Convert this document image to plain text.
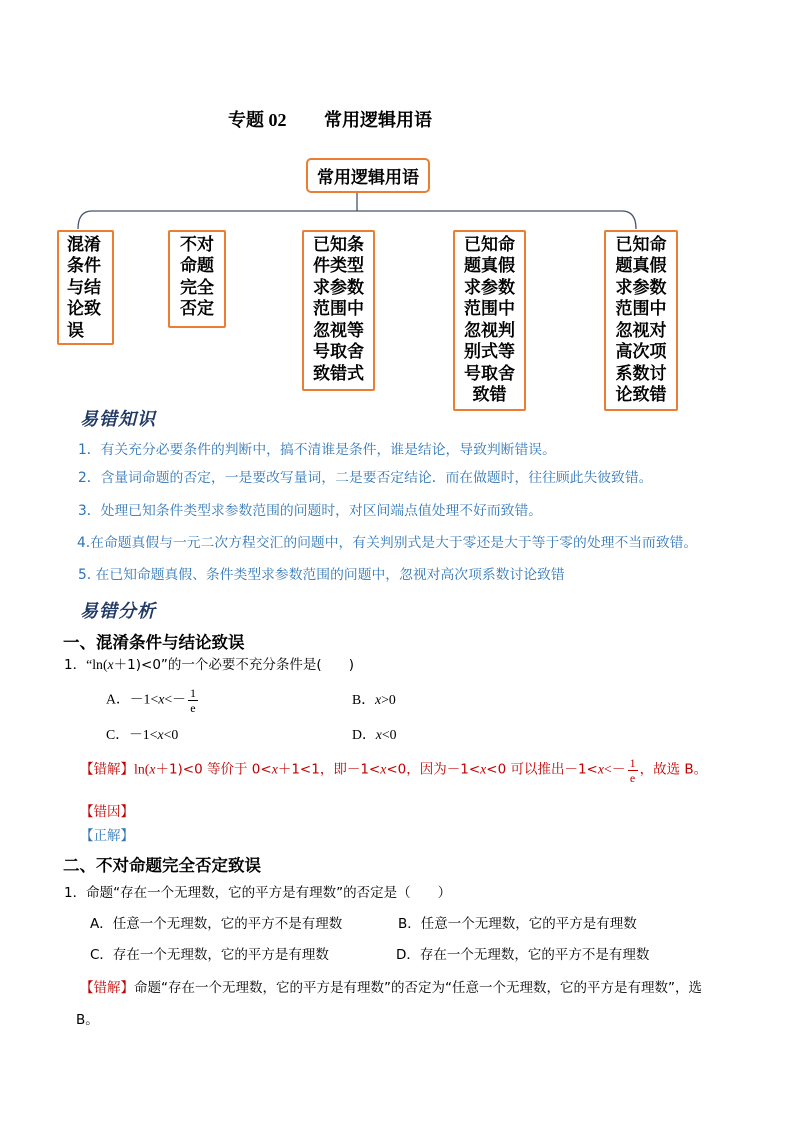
专题 02 常用逻辑用语
常用逻辑用语
混淆
条件
与结
论致
误
不对
命题
完全
否定
已知条
件类型
求参数
范围中
忽视等
号取舍
致错式
已知命
题真假
求参数
范围中
忽视判
别式等
号取舍
致错
已知命
题真假
求参数
范围中
忽视对
高次项
系数讨
论致错
易错知识
1．有关充分必要条件的判断中，搞不清谁是条件，谁是结论，导致判断错误。
2．含量词命题的否定，一是要改写量词，二是要否定结论．而在做题时，往往顾此失彼致错。
3．处理已知条件类型求参数范围的问题时，对区间端点值处理不好而致错。
4.在命题真假与一元二次方程交汇的问题中，有关判别式是大于零还是大于等于零的处理不当而致错。
5. 在已知命题真假、条件类型求参数范围的问题中，忽视对高次项系数讨论致错
易错分析
一、混淆条件与结论致误
1．“ln(x＋1)<0”的一个必要不充分条件是(　　)
A．$-1<x<- \frac{1}{e}$	B．x>0
C．－1<x<0	D．x<0
【错解】ln(x＋1)<0 等价于 0<x＋1<1，即－1<x<0，因为－1<x<0 可以推出$-1<x<- \frac{1}{e}$ ，故选 B。
【错因】
【正解】
二、不对命题完全否定致误
1．命题“存在一个无理数，它的平方是有理数”的否定是（　　）
A．任意一个无理数，它的平方不是有理数	B．任意一个无理数，它的平方是有理数
C．存在一个无理数，它的平方是有理数	D．存在一个无理数，它的平方不是有理数
【错解】命题“存在一个无理数，它的平方是有理数”的否定为“任意一个无理数，它的平方是有理数”，选
B。
